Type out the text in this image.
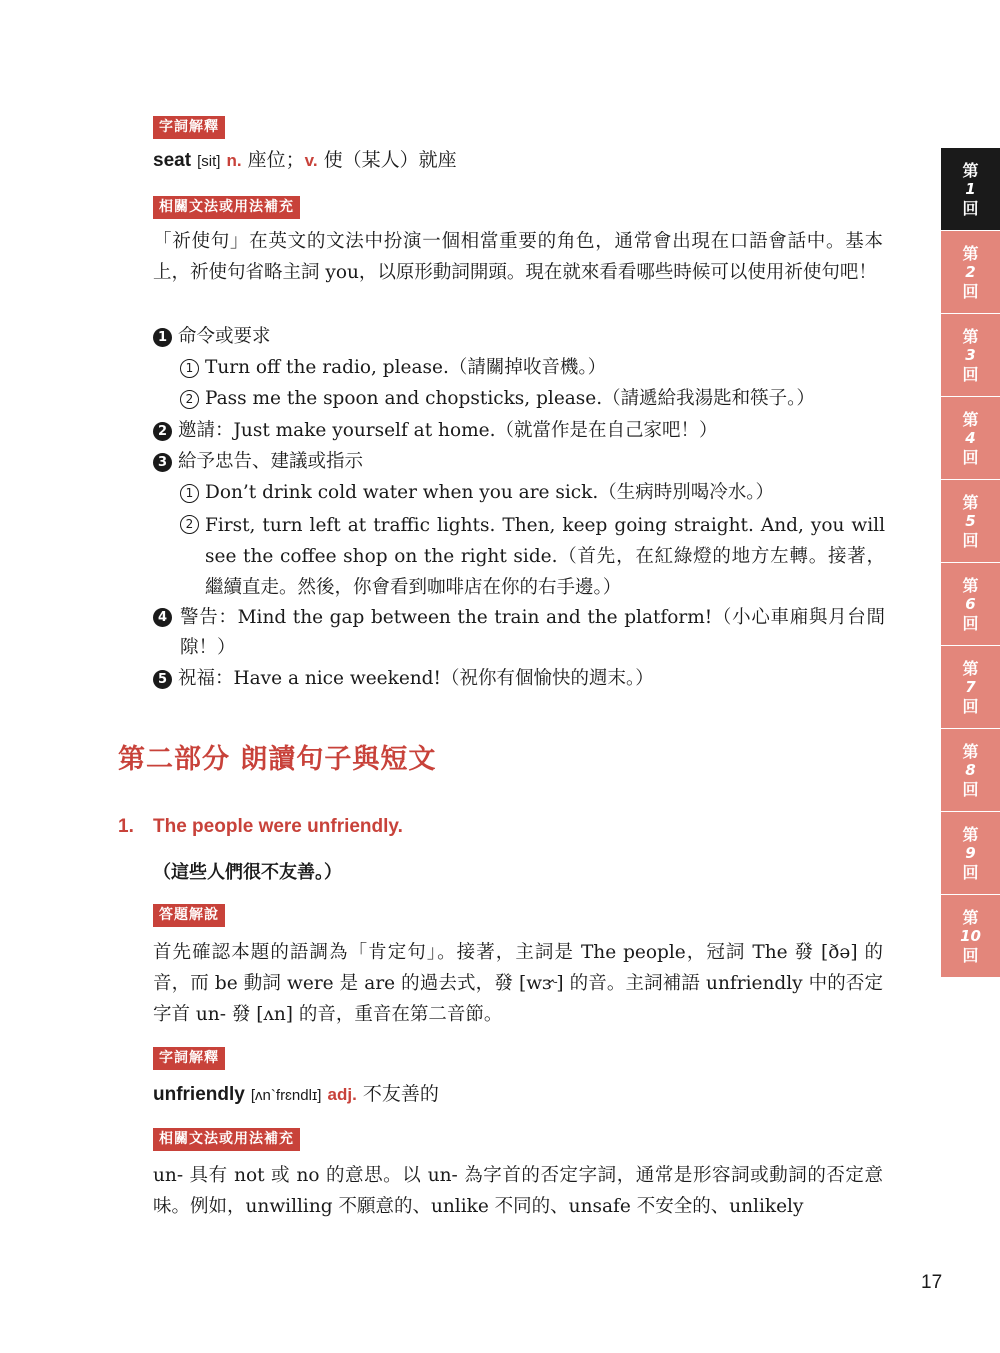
字詞解釋
seat [sit] n. 座位；v. 使（某人）就座
相關文法或用法補充
「祈使句」在英文的文法中扮演一個相當重要的角色，通常會出現在口語會話中。基本上，祈使句省略主詞 you，以原形動詞開頭。現在就來看看哪些時候可以使用祈使句吧！
1 命令或要求
1 Turn off the radio, please.（請關掉收音機。）
2 Pass me the spoon and chopsticks, please.（請遞給我湯匙和筷子。）
2 邀請：Just make yourself at home.（就當作是在自己家吧！）
3 給予忠告、建議或指示
1 Don’t drink cold water when you are sick.（生病時別喝冷水。）
2 First, turn left at traffic lights. Then, keep going straight. And, you will see the coffee shop on the right side.（首先，在紅綠燈的地方左轉。接著，繼續直走。然後，你會看到咖啡店在你的右手邊。）
4 警告：Mind the gap between the train and the platform!（小心車廂與月台間隙！）
5 祝福：Have a nice weekend!（祝你有個愉快的週末。）
第二部分 朗讀句子與短文
1. The people were unfriendly.
（這些人們很不友善。）
答題解說
首先確認本題的語調為「肯定句」。接著，主詞是 The people，冠詞 The 發 [ðə] 的音，而 be 動詞 were 是 are 的過去式，發 [wɝ] 的音。主詞補語 unfriendly 中的否定字首 un- 發 [ʌn] 的音，重音在第二音節。
字詞解釋
unfriendly [ʌn`frɛndlɪ] adj. 不友善的
相關文法或用法補充
un- 具有 not 或 no 的意思。以 un- 為字首的否定字詞，通常是形容詞或動詞的否定意味。例如，unwilling 不願意的、unlike 不同的、unsafe 不安全的、unlikely
第
1
回
第
2
回
第
3
回
第
4
回
第
5
回
第
6
回
第
7
回
第
8
回
第
9
回
第
10
回
17
